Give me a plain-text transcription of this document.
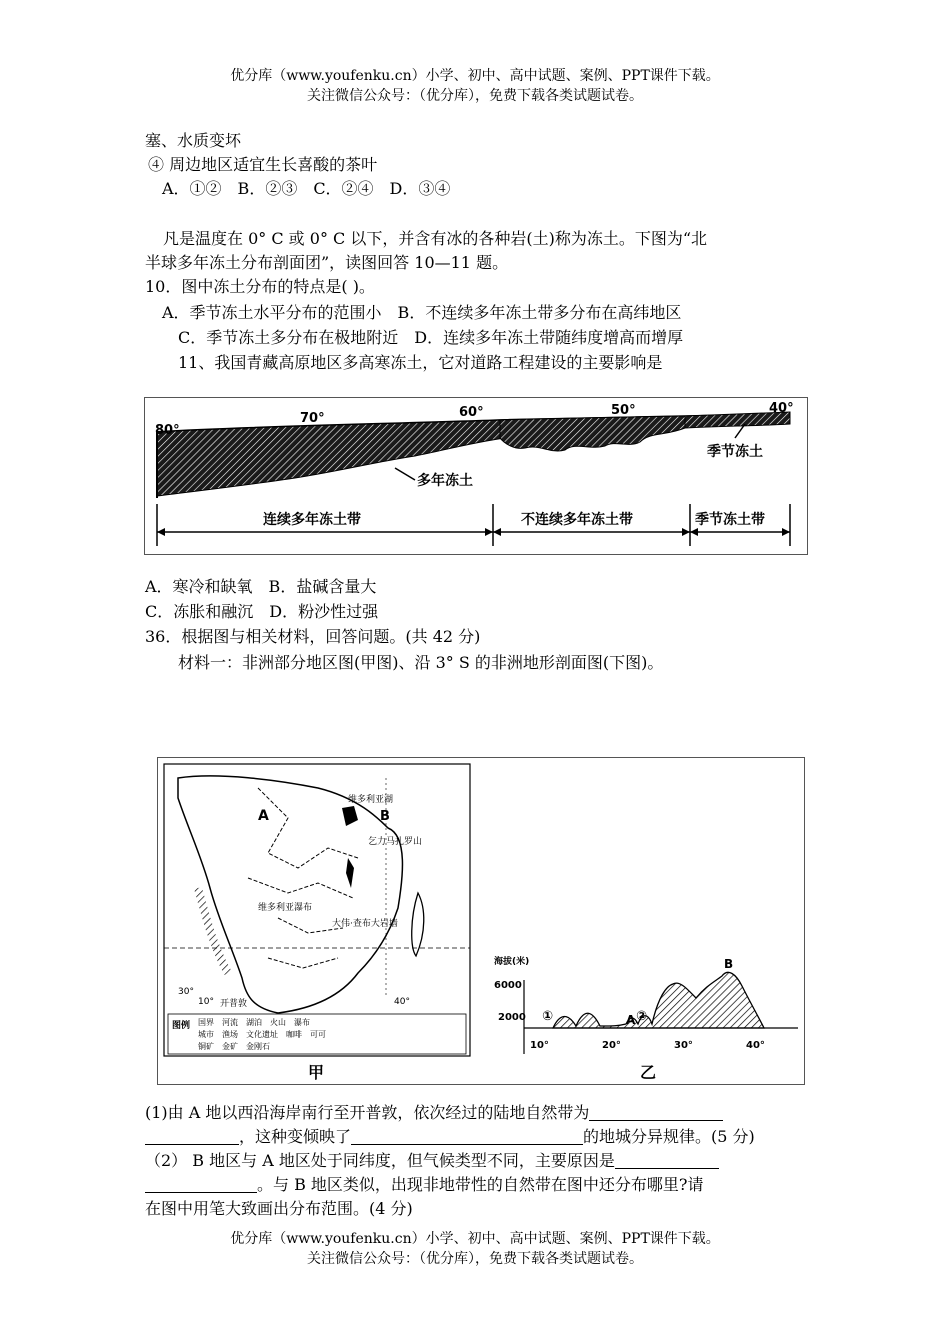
优分库（www.youfenku.cn）小学、初中、高中试题、案例、PPT课件下载。
关注微信公众号：（优分库），免费下载各类试题试卷。
塞、水质变坏
④ 周边地区适宜生长喜酸的茶叶
A．①②　B．②③　C．②④　D．③④
凡是温度在 0° C 或 0° C 以下，并含有冰的各种岩(土)称为冻土。下图为“北
半球多年冻土分布剖面团”，读图回答 10—11 题。
10．图中冻土分布的特点是( )。
A．季节冻土水平分布的范围小　B．不连续多年冻土带多分布在高纬地区
C．季节冻土多分布在极地附近　D．连续多年冻土带随纬度增高而增厚
11、我国青藏高原地区多高寒冻土，它对道路工程建设的主要影响是
80°
70°	60°	50°	40°
多年冻土
季节冻土
连续多年冻土带	不连续多年冻土带	季节冻土带
A．寒冷和缺氧　B．盐碱含量大
C．冻胀和融沉　D．粉沙性过强
36．根据图与相关材料，回答问题。(共 42 分)
材料一：非洲部分地区图(甲图)、沿 3° S 的非洲地形剖面图(下图)。
A	B
维多利亚湖
乞力马扎罗山
维多利亚瀑布
大伟·查布大岩墙
开普敦
30°
10°	40°
图例 国界　河流　湖泊　火山　瀑布
城市　渔场　文化遗址　咖啡　可可
铜矿　金矿　金刚石
甲
海拔(米)
6000
2000	A
B
①	②
10°	20°	30°	40°
乙
(1)由 A 地以西沿海岸南行至开普敦，依次经过的陆地自然带为
，这种变倾映了	的地城分异规律。(5 分)
（2） B 地区与 A 地区处于同纬度，但气候类型不同，主要原因是
。与 B 地区类似，出现非地带性的自然带在图中还分布哪里?请
在图中用笔大致画出分布范围。(4 分)
优分库（www.youfenku.cn）小学、初中、高中试题、案例、PPT课件下载。
关注微信公众号：（优分库），免费下载各类试题试卷。
